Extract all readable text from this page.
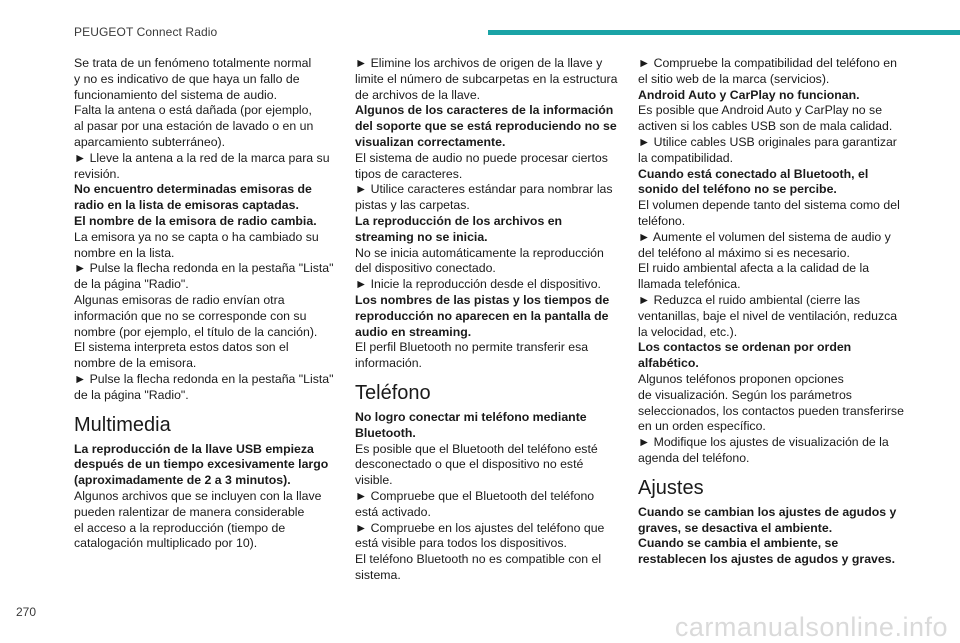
PEUGEOT Connect Radio

Se trata de un fenómeno totalmente normal
y no es indicativo de que haya un fallo de
funcionamiento del sistema de audio.

Falta la antena o está dañada (por ejemplo,
al pasar por una estación de lavado o en un
aparcamiento subterráneo).

► Lleve la antena a la red de la marca para su
revisión.

No encuentro determinadas emisoras de
radio en la lista de emisoras captadas.

El nombre de la emisora de radio cambia.

La emisora ya no se capta o ha cambiado su
nombre en la lista.

► Pulse la flecha redonda en la pestaña "Lista"
de la página "Radio".

Algunas emisoras de radio envían otra
información que no se corresponde con su
nombre (por ejemplo, el título de la canción).

El sistema interpreta estos datos son el
nombre de la emisora.

► Pulse la flecha redonda en la pestaña "Lista"
de la página "Radio".

Multimedia

La reproducción de la llave USB empieza
después de un tiempo excesivamente largo
(aproximadamente de 2 a 3 minutos).

Algunos archivos que se incluyen con la llave
pueden ralentizar de manera considerable
el acceso a la reproducción (tiempo de
catalogación multiplicado por 10).

► Elimine los archivos de origen de la llave y
limite el número de subcarpetas en la estructura
de archivos de la llave.

Algunos de los caracteres de la información
del soporte que se está reproduciendo no se
visualizan correctamente.

El sistema de audio no puede procesar ciertos
tipos de caracteres.

► Utilice caracteres estándar para nombrar las
pistas y las carpetas.

La reproducción de los archivos en
streaming no se inicia.

No se inicia automáticamente la reproducción
del dispositivo conectado.

► Inicie la reproducción desde el dispositivo.

Los nombres de las pistas y los tiempos de
reproducción no aparecen en la pantalla de
audio en streaming.

El perfil Bluetooth no permite transferir esa
información.

Teléfono

No logro conectar mi teléfono mediante
Bluetooth.

Es posible que el Bluetooth del teléfono esté
desconectado o que el dispositivo no esté
visible.

► Compruebe que el Bluetooth del teléfono
está activado.

► Compruebe en los ajustes del teléfono que
está visible para todos los dispositivos.

El teléfono Bluetooth no es compatible con el
sistema.

► Compruebe la compatibilidad del teléfono en
el sitio web de la marca (servicios).

Android Auto y CarPlay no funcionan.

Es posible que Android Auto y CarPlay no se
activen si los cables USB son de mala calidad.

► Utilice cables USB originales para garantizar
la compatibilidad.

Cuando está conectado al Bluetooth, el
sonido del teléfono no se percibe.

El volumen depende tanto del sistema como del
teléfono.

► Aumente el volumen del sistema de audio y
del teléfono al máximo si es necesario.

El ruido ambiental afecta a la calidad de la
llamada telefónica.

► Reduzca el ruido ambiental (cierre las
ventanillas, baje el nivel de ventilación, reduzca
la velocidad, etc.).

Los contactos se ordenan por orden
alfabético.

Algunos teléfonos proponen opciones
de visualización. Según los parámetros
seleccionados, los contactos pueden transferirse
en un orden específico.

► Modifique los ajustes de visualización de la
agenda del teléfono.

Ajustes

Cuando se cambian los ajustes de agudos y
graves, se desactiva el ambiente.

Cuando se cambia el ambiente, se
restablecen los ajustes de agudos y graves.

270	carmanualsonline.info
